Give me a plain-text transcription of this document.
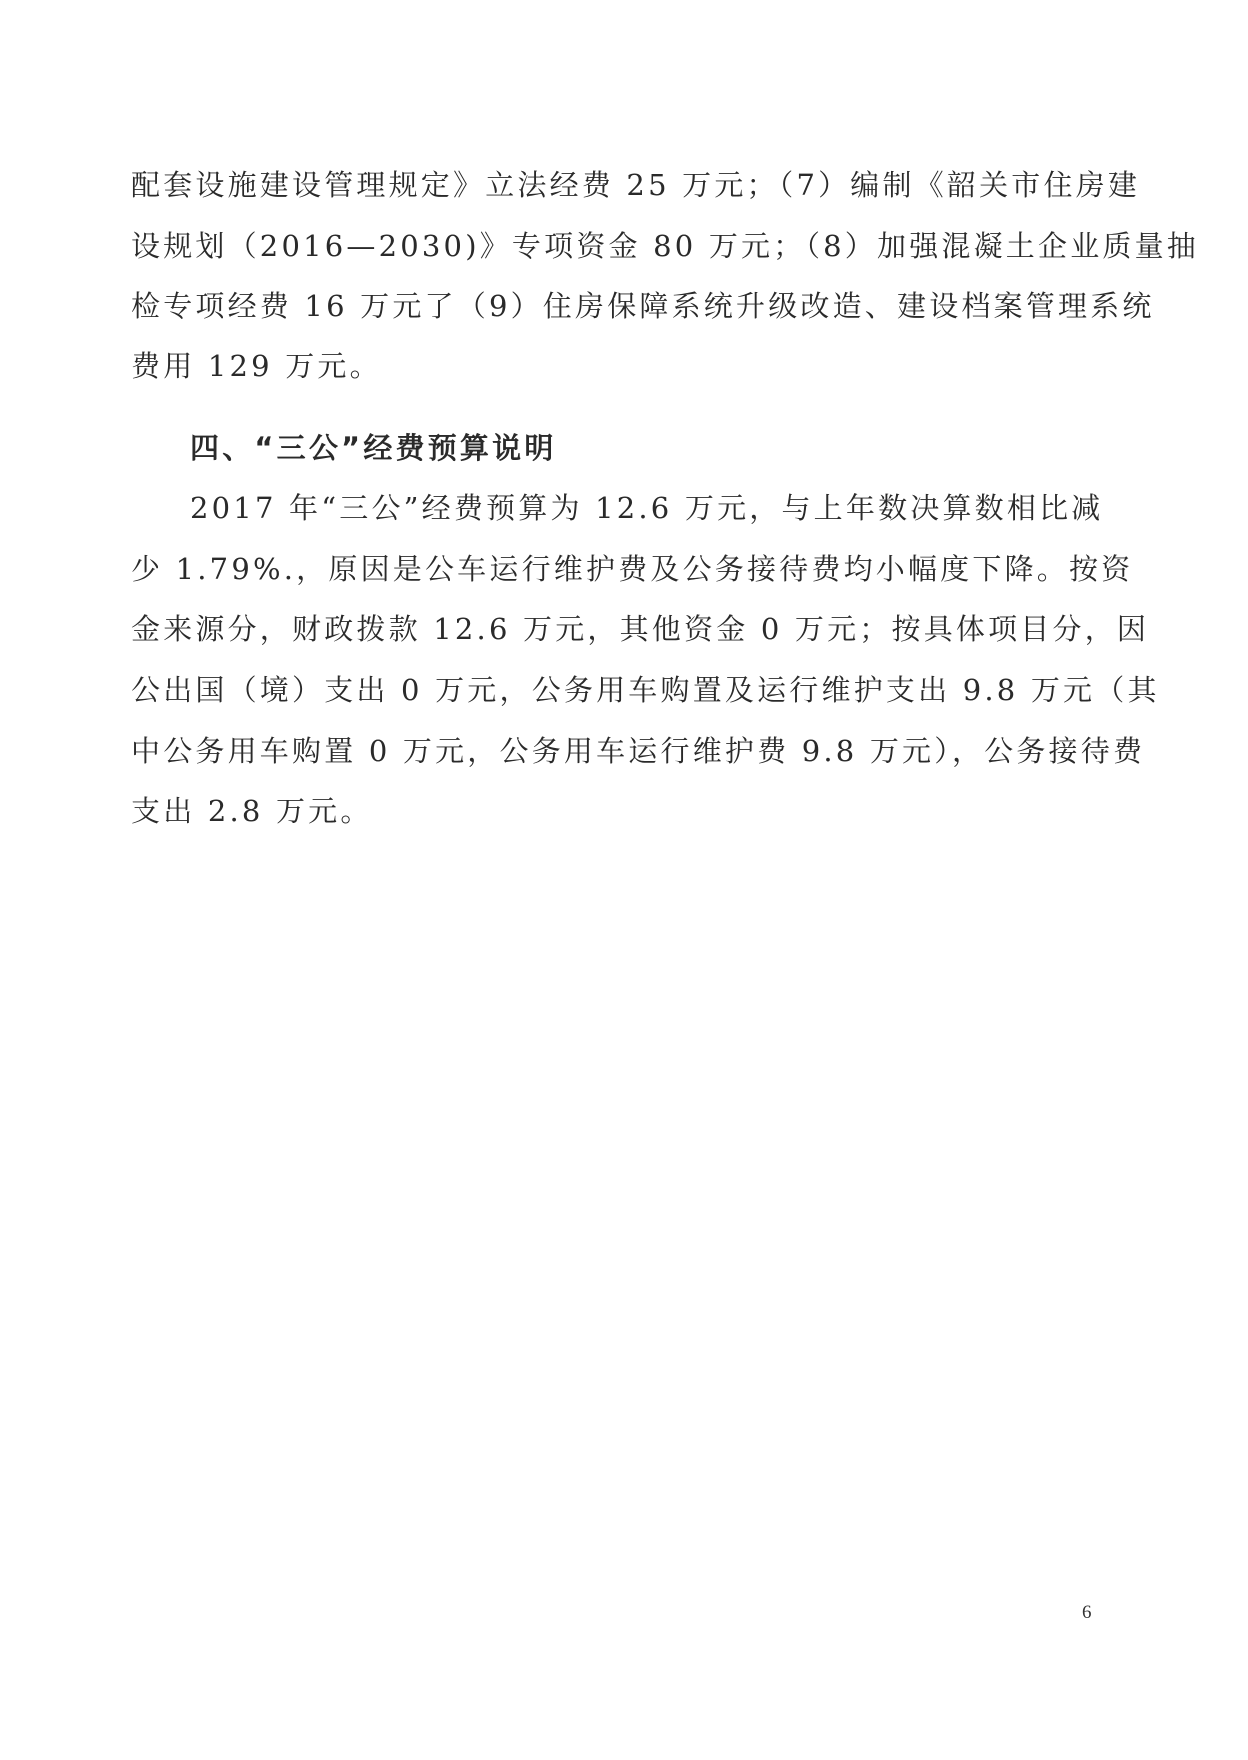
配套设施建设管理规定》立法经费 25 万元；（7）编制《韶关市住房建
设规划（2016—2030)》专项资金 80 万元；（8）加强混凝土企业质量抽
检专项经费 16 万元了（9）住房保障系统升级改造、建设档案管理系统
费用 129 万元。
四、“三公”经费预算说明
2017 年“三公”经费预算为 12.6 万元，与上年数决算数相比减
少 1.79%.，原因是公车运行维护费及公务接待费均小幅度下降。按资
金来源分，财政拨款 12.6 万元，其他资金 0 万元；按具体项目分，因
公出国（境）支出 0 万元，公务用车购置及运行维护支出 9.8 万元（其
中公务用车购置 0 万元，公务用车运行维护费 9.8 万元），公务接待费
支出 2.8 万元。
6
